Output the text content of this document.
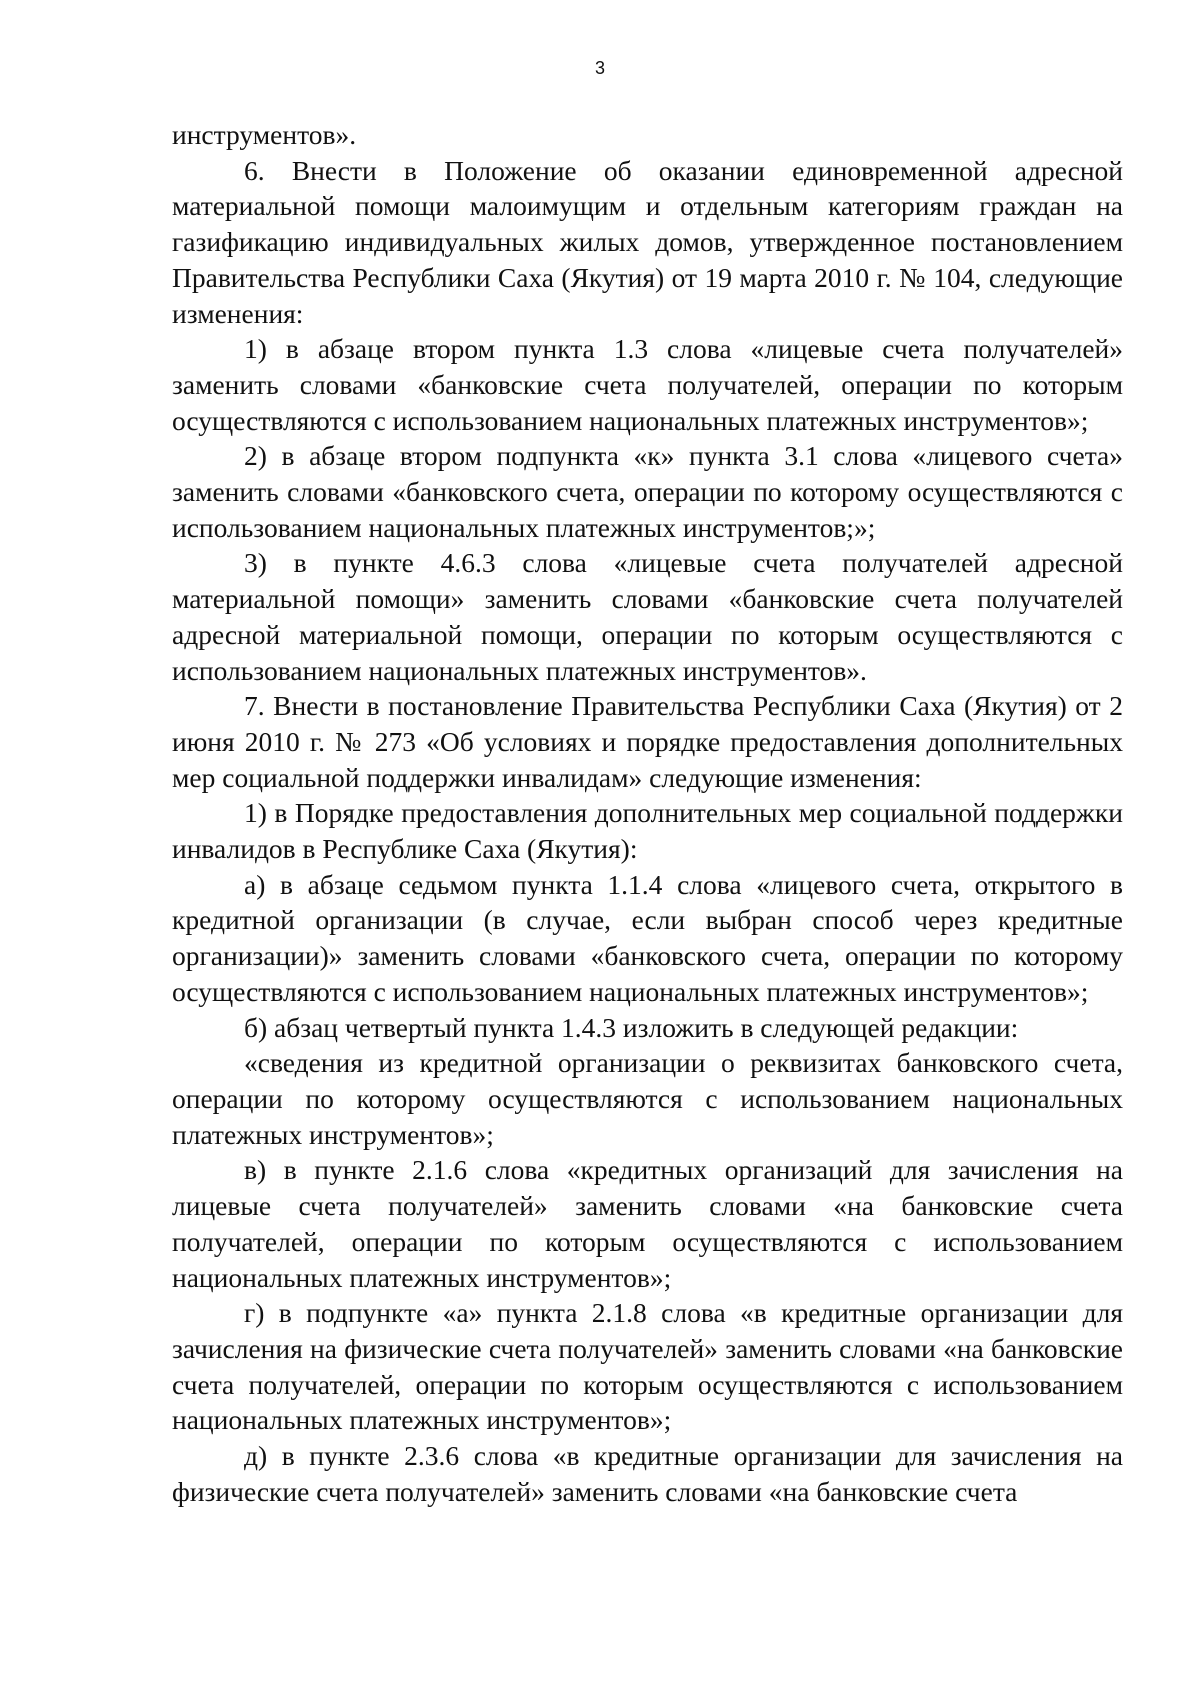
3

инструментов».

6. Внести в Положение об оказании единовременной адресной материальной помощи малоимущим и отдельным категориям граждан на газификацию индивидуальных жилых домов, утвержденное постановлением Правительства Республики Саха (Якутия) от 19 марта 2010 г. № 104, следующие изменения:

1) в абзаце втором пункта 1.3 слова «лицевые счета получателей» заменить словами «банковские счета получателей, операции по которым осуществляются с использованием национальных платежных инструментов»;

2) в абзаце втором подпункта «к» пункта 3.1 слова «лицевого счета» заменить словами «банковского счета, операции по которому осуществляются с использованием национальных платежных инструментов;»;

3) в пункте 4.6.3 слова «лицевые счета получателей адресной материальной помощи» заменить словами «банковские счета получателей адресной материальной помощи, операции по которым осуществляются с использованием национальных платежных инструментов».

7. Внести в постановление Правительства Республики Саха (Якутия) от 2 июня 2010 г. № 273 «Об условиях и порядке предоставления дополнительных мер социальной поддержки инвалидам» следующие изменения:

1) в Порядке предоставления дополнительных мер социальной поддержки инвалидов в Республике Саха (Якутия):

а) в абзаце седьмом пункта 1.1.4 слова «лицевого счета, открытого в кредитной организации (в случае, если выбран способ через кредитные организации)» заменить словами «банковского счета, операции по которому осуществляются с использованием национальных платежных инструментов»;

б) абзац четвертый пункта 1.4.3 изложить в следующей редакции:

«сведения из кредитной организации о реквизитах банковского счета, операции по которому осуществляются с использованием национальных платежных инструментов»;

в) в пункте 2.1.6 слова «кредитных организаций для зачисления на лицевые счета получателей» заменить словами «на банковские счета получателей, операции по которым осуществляются с использованием национальных платежных инструментов»;

г) в подпункте «а» пункта 2.1.8 слова «в кредитные организации для зачисления на физические счета получателей» заменить словами «на банковские счета получателей, операции по которым осуществляются с использованием национальных платежных инструментов»;

д) в пункте 2.3.6 слова «в кредитные организации для зачисления на физические счета получателей» заменить словами «на банковские счета
